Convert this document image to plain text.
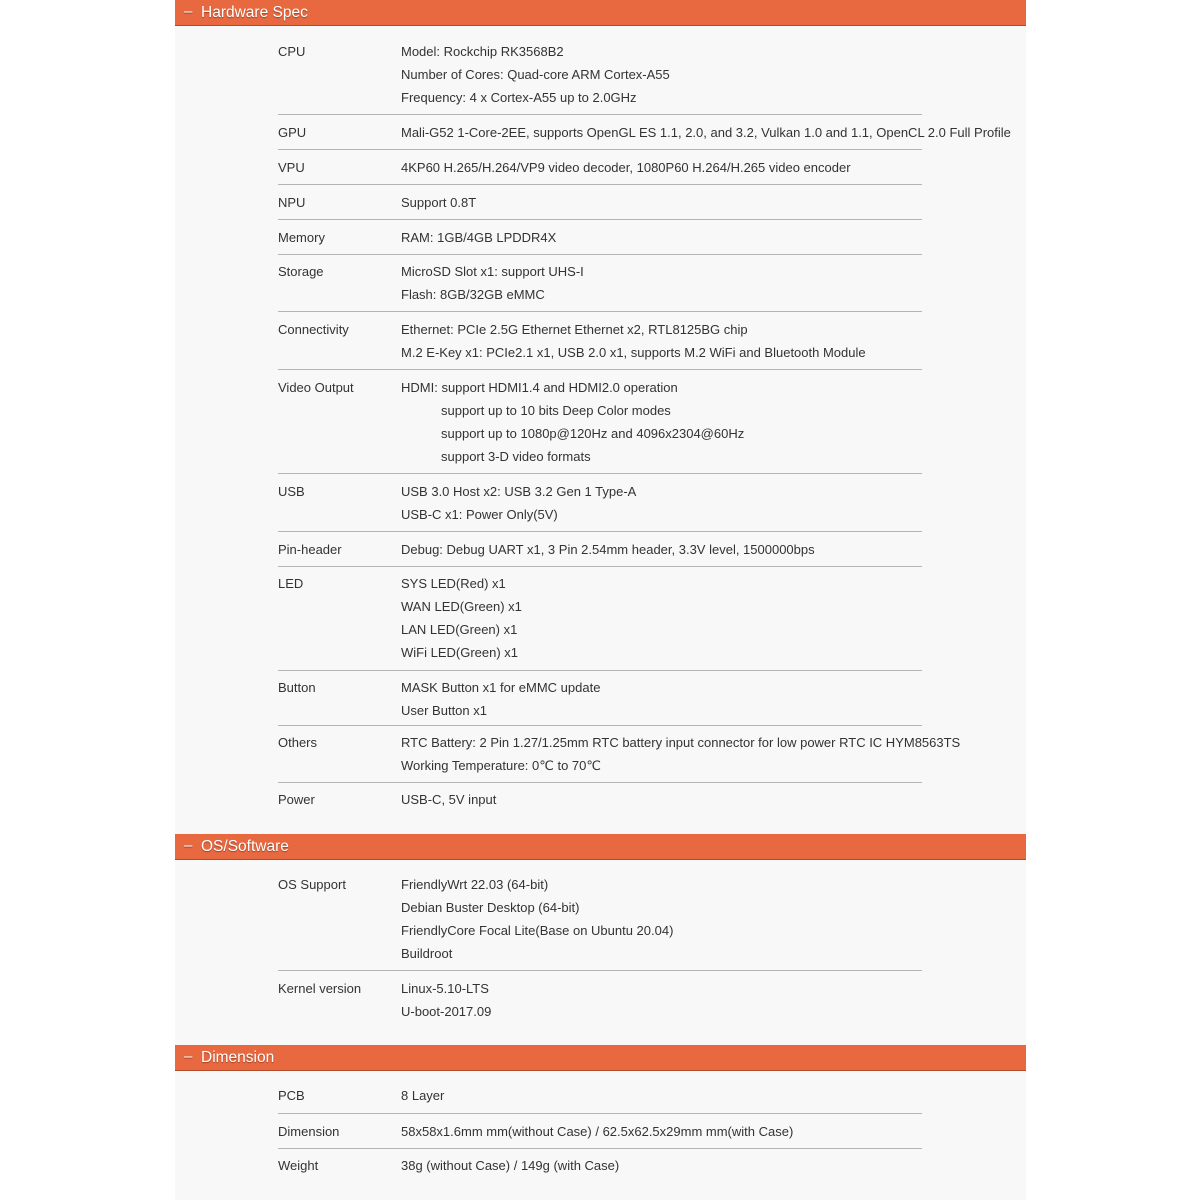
– Hardware Spec
CPU	Model: Rockchip RK3568B2
Number of Cores: Quad-core ARM Cortex-A55
Frequency: 4 x Cortex-A55 up to 2.0GHz
GPU	Mali-G52 1-Core-2EE, supports OpenGL ES 1.1, 2.0, and 3.2, Vulkan 1.0 and 1.1, OpenCL 2.0 Full Profile
VPU	4KP60 H.265/H.264/VP9 video decoder, 1080P60 H.264/H.265 video encoder
NPU	Support 0.8T
Memory	RAM: 1GB/4GB LPDDR4X
Storage	MicroSD Slot x1: support UHS-I
Flash: 8GB/32GB eMMC
Connectivity	Ethernet: PCIe 2.5G Ethernet Ethernet x2, RTL8125BG chip
M.2 E-Key x1: PCIe2.1 x1, USB 2.0 x1, supports M.2 WiFi and Bluetooth Module
Video Output	HDMI: support HDMI1.4 and HDMI2.0 operation
support up to 10 bits Deep Color modes
support up to 1080p@120Hz and 4096x2304@60Hz
support 3-D video formats
USB	USB 3.0 Host x2: USB 3.2 Gen 1 Type-A
USB-C x1: Power Only(5V)
Pin-header	Debug: Debug UART x1, 3 Pin 2.54mm header, 3.3V level, 1500000bps
LED	SYS LED(Red) x1
WAN LED(Green) x1
LAN LED(Green) x1
WiFi LED(Green) x1
Button	MASK Button x1 for eMMC update
User Button x1
Others	RTC Battery: 2 Pin 1.27/1.25mm RTC battery input connector for low power RTC IC HYM8563TS
Working Temperature: 0℃ to 70℃
Power	USB-C, 5V input
– OS/Software
OS Support	FriendlyWrt 22.03 (64-bit)
Debian Buster Desktop (64-bit)
FriendlyCore Focal Lite(Base on Ubuntu 20.04)
Buildroot
Kernel version	Linux-5.10-LTS
U-boot-2017.09
– Dimension
PCB	8 Layer
Dimension	58x58x1.6mm mm(without Case) / 62.5x62.5x29mm mm(with Case)
Weight	38g (without Case) / 149g (with Case)
